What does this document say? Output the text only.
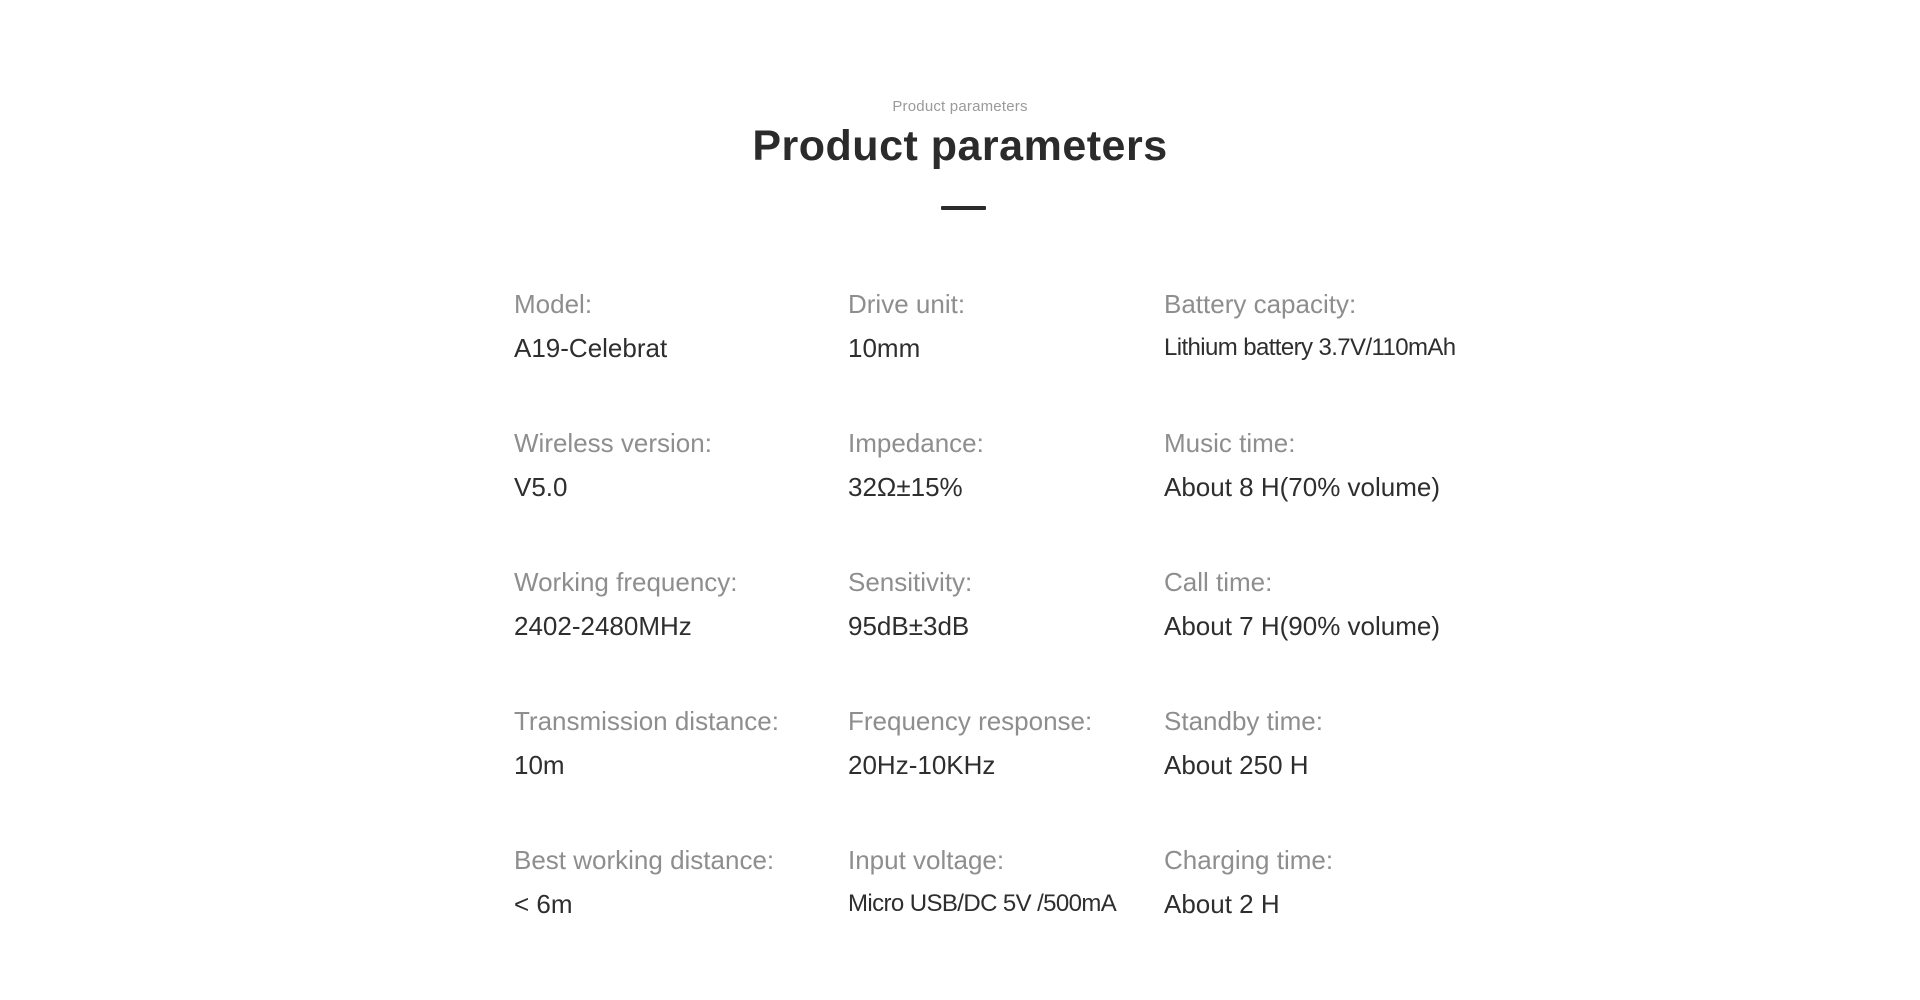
Product parameters
Product parameters
Model:
A19-Celebrat
Drive unit:
10mm
Battery capacity:
Lithium battery 3.7V/110mAh
Wireless version:
V5.0
Impedance:
32Ω±15%
Music time:
About 8 H(70% volume)
Working frequency:
2402-2480MHz
Sensitivity:
95dB±3dB
Call time:
About 7 H(90% volume)
Transmission distance:
10m
Frequency response:
20Hz-10KHz
Standby time:
About 250 H
Best working distance:
< 6m
Input voltage:
Micro USB/DC 5V /500mA
Charging time:
About 2 H
